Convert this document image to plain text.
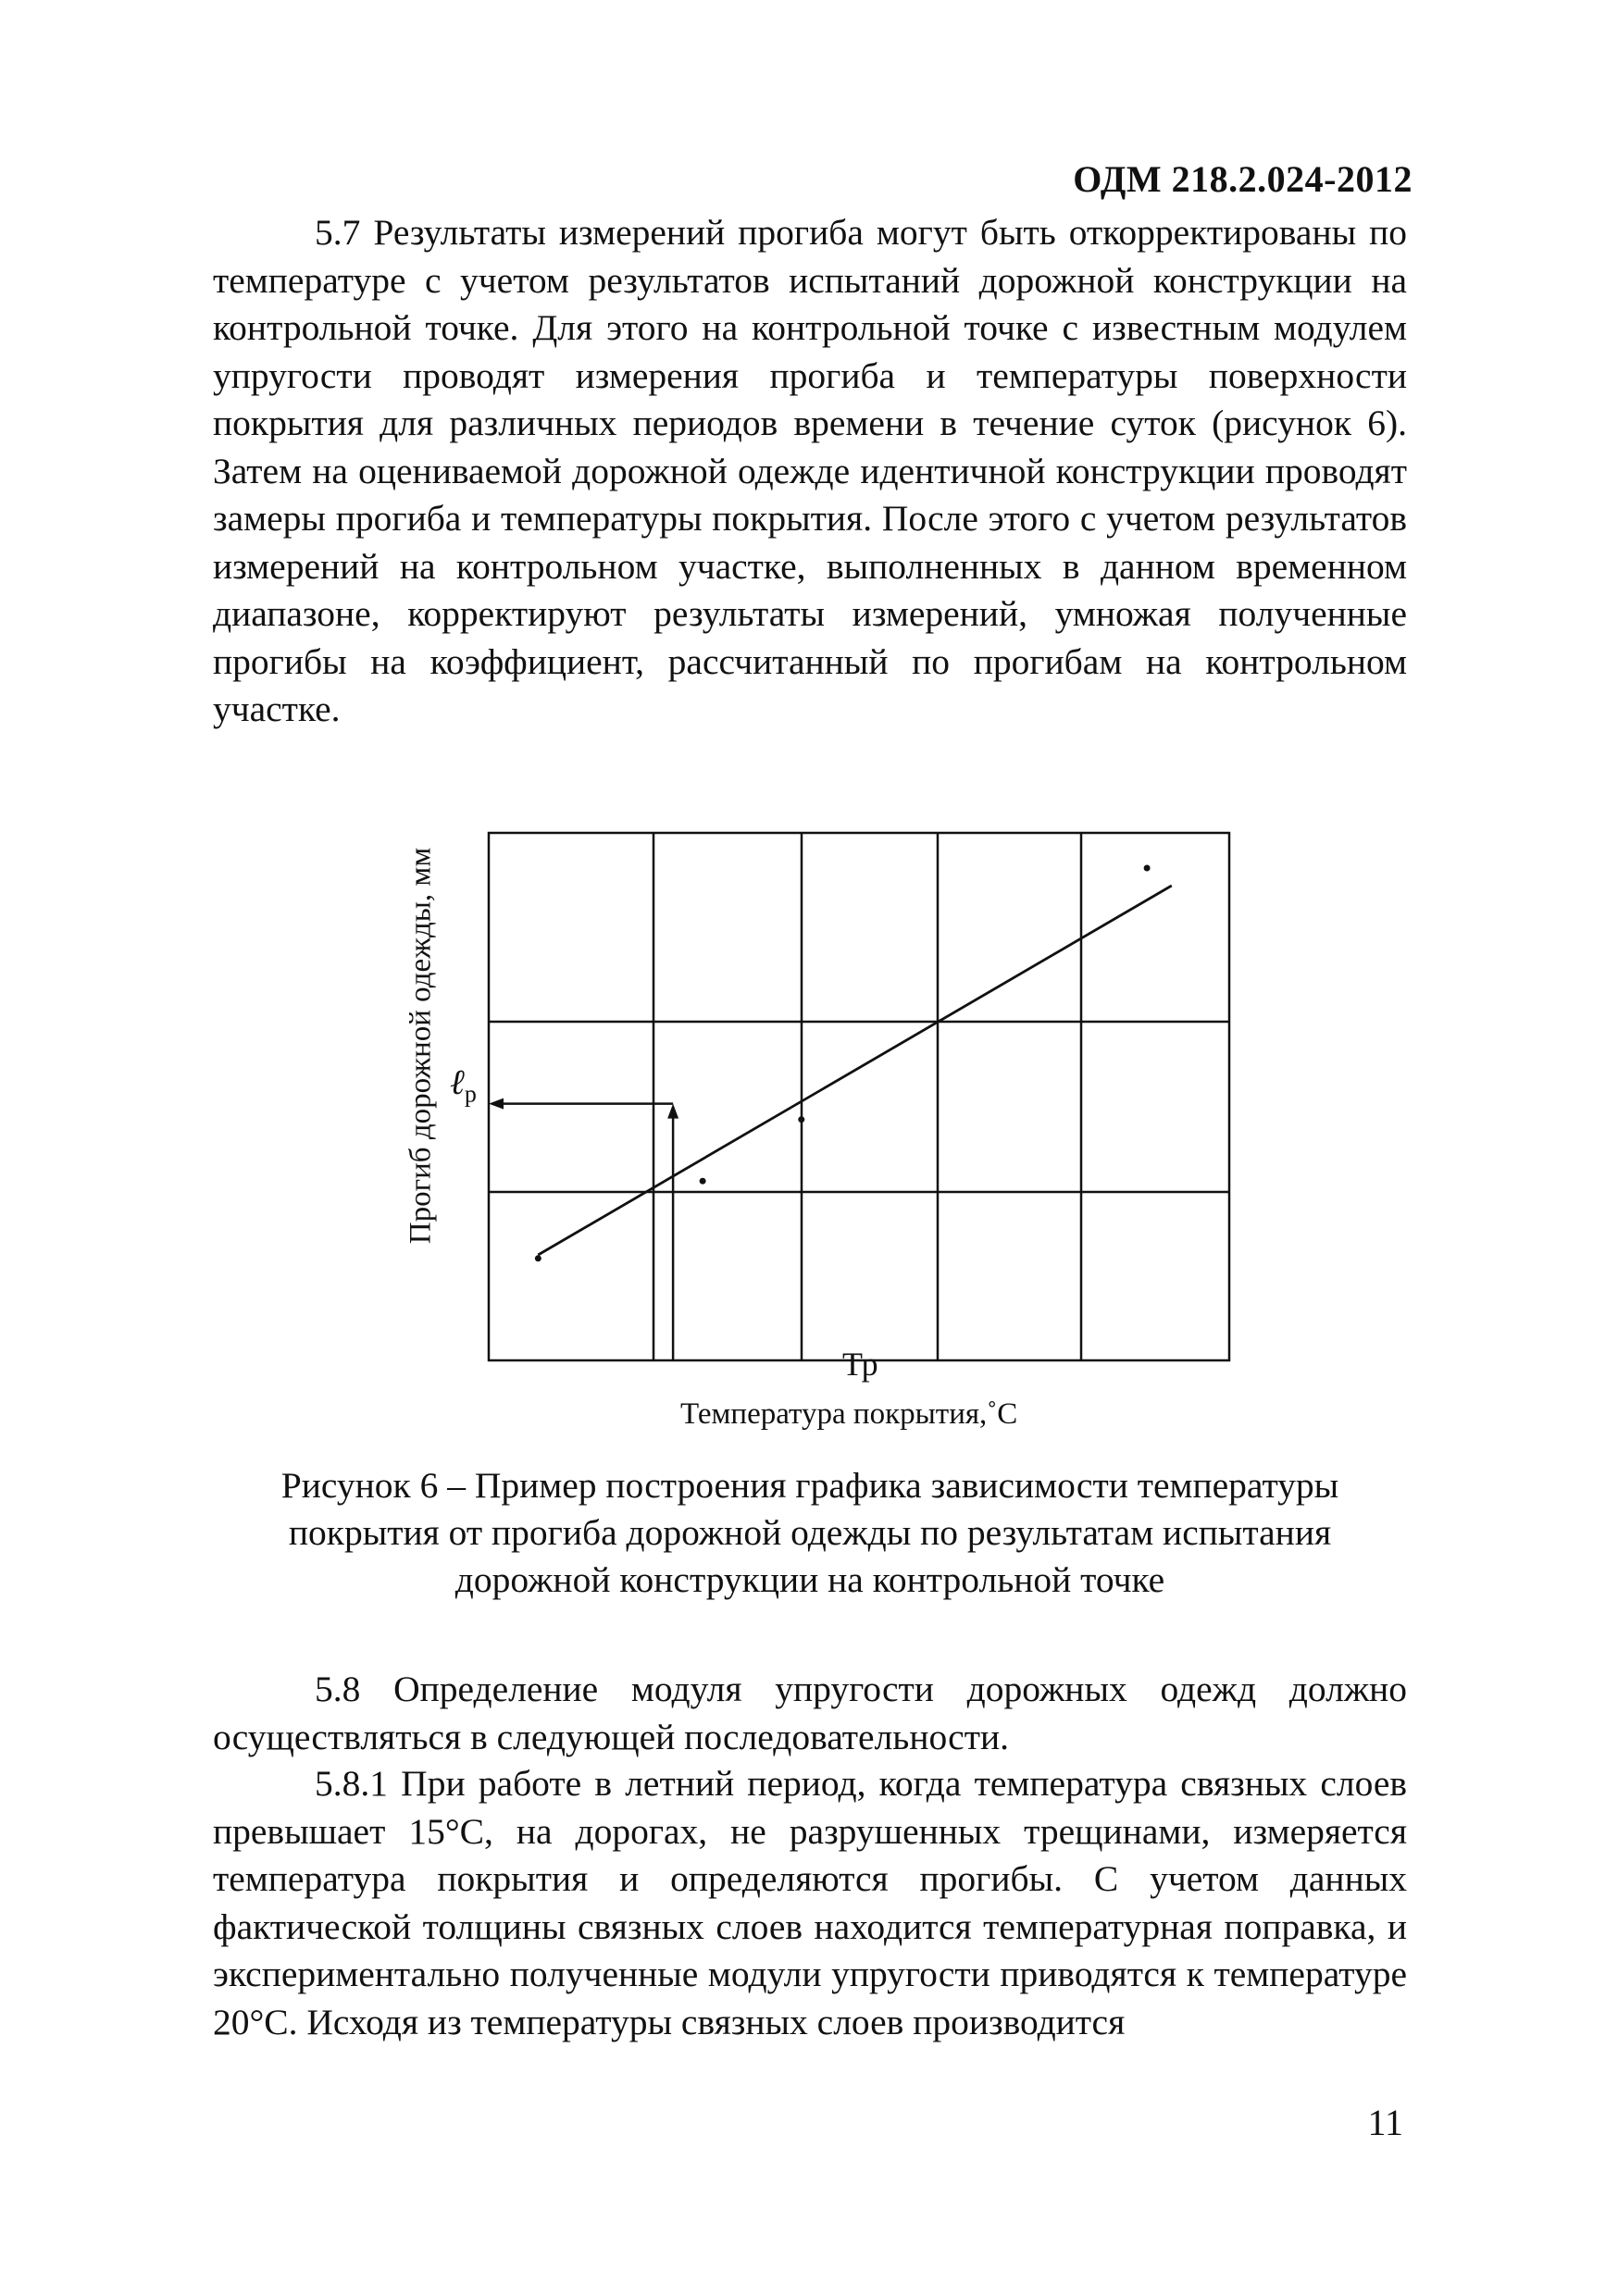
ОДМ 218.2.024-2012

5.7 Результаты измерений прогиба могут быть откорректированы по температуре с учетом результатов испытаний дорожной конструкции на контрольной точке. Для этого на контрольной точке с известным модулем упругости проводят измерения прогиба и температуры поверхности покрытия для различных периодов времени в течение суток (рисунок 6). Затем на оцениваемой дорожной одежде идентичной конструкции проводят замеры прогиба и температуры покрытия. После этого с учетом результатов измерений на контрольном участке, выполненных в данном временном диапазоне, корректируют результаты измерений, умножая полученные прогибы на коэффициент, рассчитанный по прогибам на контрольном участке.

Прогиб дорожной одежды, мм ℓ$_р$
Тр
Температура покрытия,˚С
Рисунок 6 – Пример построения графика зависимости температуры
покрытия от прогиба дорожной одежды по результатам испытания
дорожной конструкции на контрольной точке

5.8 Определение модуля упругости дорожных одежд должно осуществляться в следующей последовательности.

5.8.1 При работе в летний период, когда температура связных слоев превышает 15°С, на дорогах, не разрушенных трещинами, измеряется температура покрытия и определяются прогибы. С учетом данных фактической толщины связных слоев находится температурная поправка, и экспериментально полученные модули упругости приводятся к температуре 20°С. Исходя из температуры связных слоев производится

11
